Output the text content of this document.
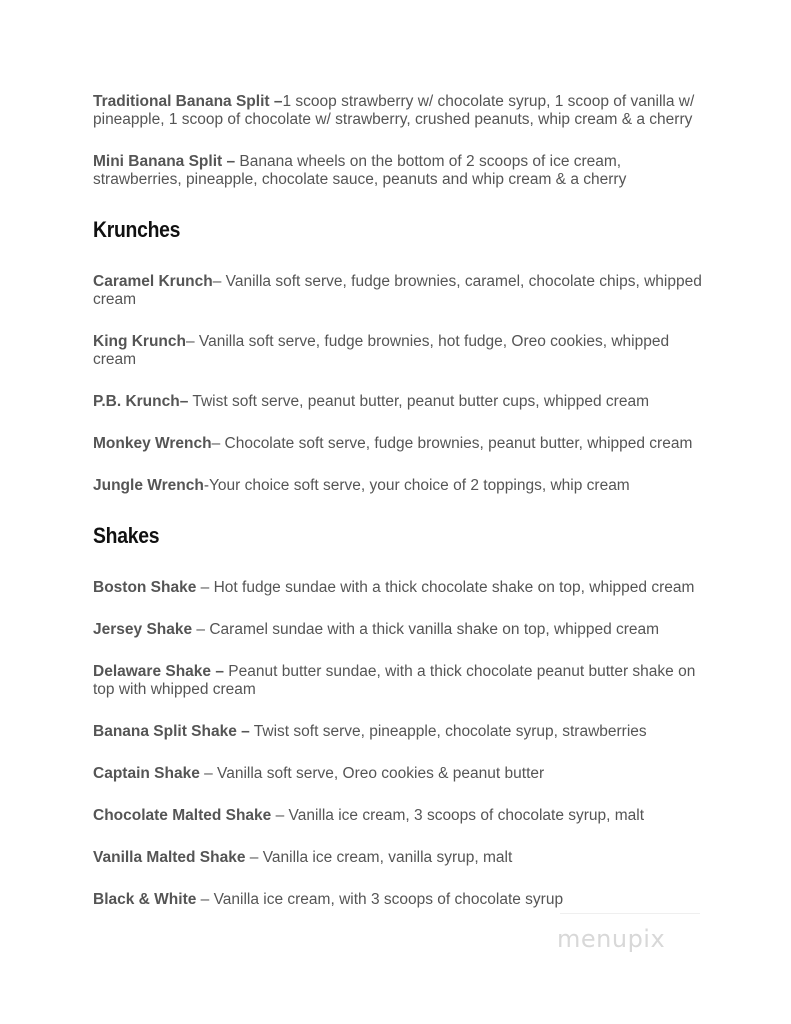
Traditional Banana Split –1 scoop strawberry w/ chocolate syrup, 1 scoop of vanilla w/ pineapple, 1 scoop of chocolate w/ strawberry, crushed peanuts, whip cream & a cherry
Mini Banana Split – Banana wheels on the bottom of 2 scoops of ice cream, strawberries, pineapple, chocolate sauce, peanuts and whip cream & a cherry
Krunches
Caramel Krunch– Vanilla soft serve, fudge brownies, caramel, chocolate chips, whipped cream
King Krunch– Vanilla soft serve, fudge brownies, hot fudge, Oreo cookies, whipped cream
P.B. Krunch– Twist soft serve, peanut butter, peanut butter cups, whipped cream
Monkey Wrench– Chocolate soft serve, fudge brownies, peanut butter, whipped cream
Jungle Wrench-Your choice soft serve, your choice of 2 toppings, whip cream
Shakes
Boston Shake – Hot fudge sundae with a thick chocolate shake on top, whipped cream
Jersey Shake – Caramel sundae with a thick vanilla shake on top, whipped cream
Delaware Shake – Peanut butter sundae, with a thick chocolate peanut butter shake on top with whipped cream
Banana Split Shake – Twist soft serve, pineapple, chocolate syrup, strawberries
Captain Shake – Vanilla soft serve, Oreo cookies & peanut butter
Chocolate Malted Shake – Vanilla ice cream, 3 scoops of chocolate syrup, malt
Vanilla Malted Shake – Vanilla ice cream, vanilla syrup, malt
Black & White – Vanilla ice cream, with 3 scoops of chocolate syrup
menupix
